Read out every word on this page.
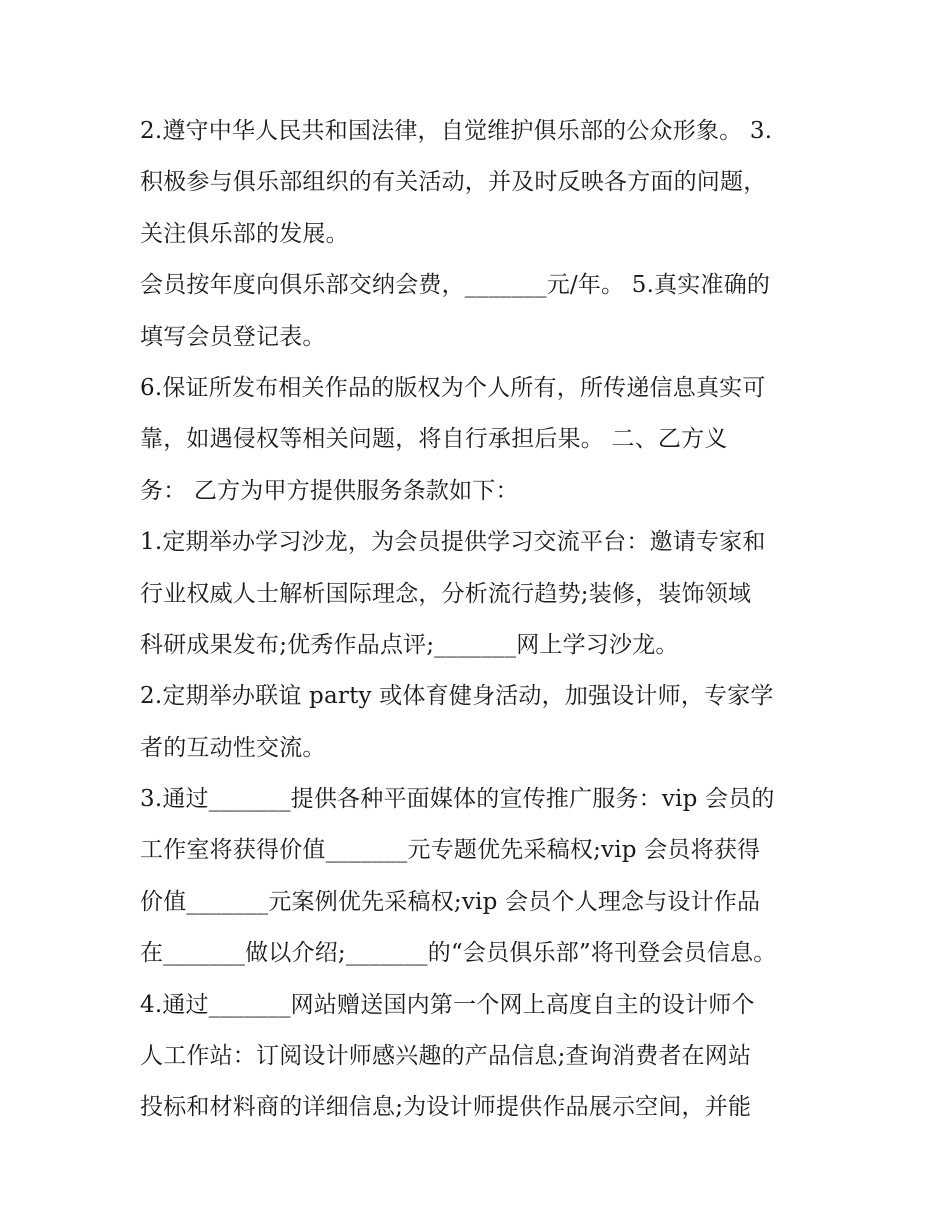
2.遵守中华人民共和国法律，自觉维护俱乐部的公众形象。 3.
积极参与俱乐部组织的有关活动，并及时反映各方面的问题，
关注俱乐部的发展。
会员按年度向俱乐部交纳会费，_______元/年。 5.真实准确的
填写会员登记表。
6.保证所发布相关作品的版权为个人所有，所传递信息真实可
靠，如遇侵权等相关问题，将自行承担后果。 二、乙方义
务： 乙方为甲方提供服务条款如下：
1.定期举办学习沙龙，为会员提供学习交流平台：邀请专家和
行业权威人士解析国际理念，分析流行趋势;装修，装饰领域
科研成果发布;优秀作品点评;_______网上学习沙龙。
2.定期举办联谊 party 或体育健身活动，加强设计师，专家学
者的互动性交流。
3.通过_______提供各种平面媒体的宣传推广服务：vip 会员的
工作室将获得价值_______元专题优先采稿权;vip 会员将获得
价值_______元案例优先采稿权;vip 会员个人理念与设计作品
在_______做以介绍;_______的“会员俱乐部”将刊登会员信息。
4.通过_______网站赠送国内第一个网上高度自主的设计师个
人工作站：订阅设计师感兴趣的产品信息;查询消费者在网站
投标和材料商的详细信息;为设计师提供作品展示空间，并能
